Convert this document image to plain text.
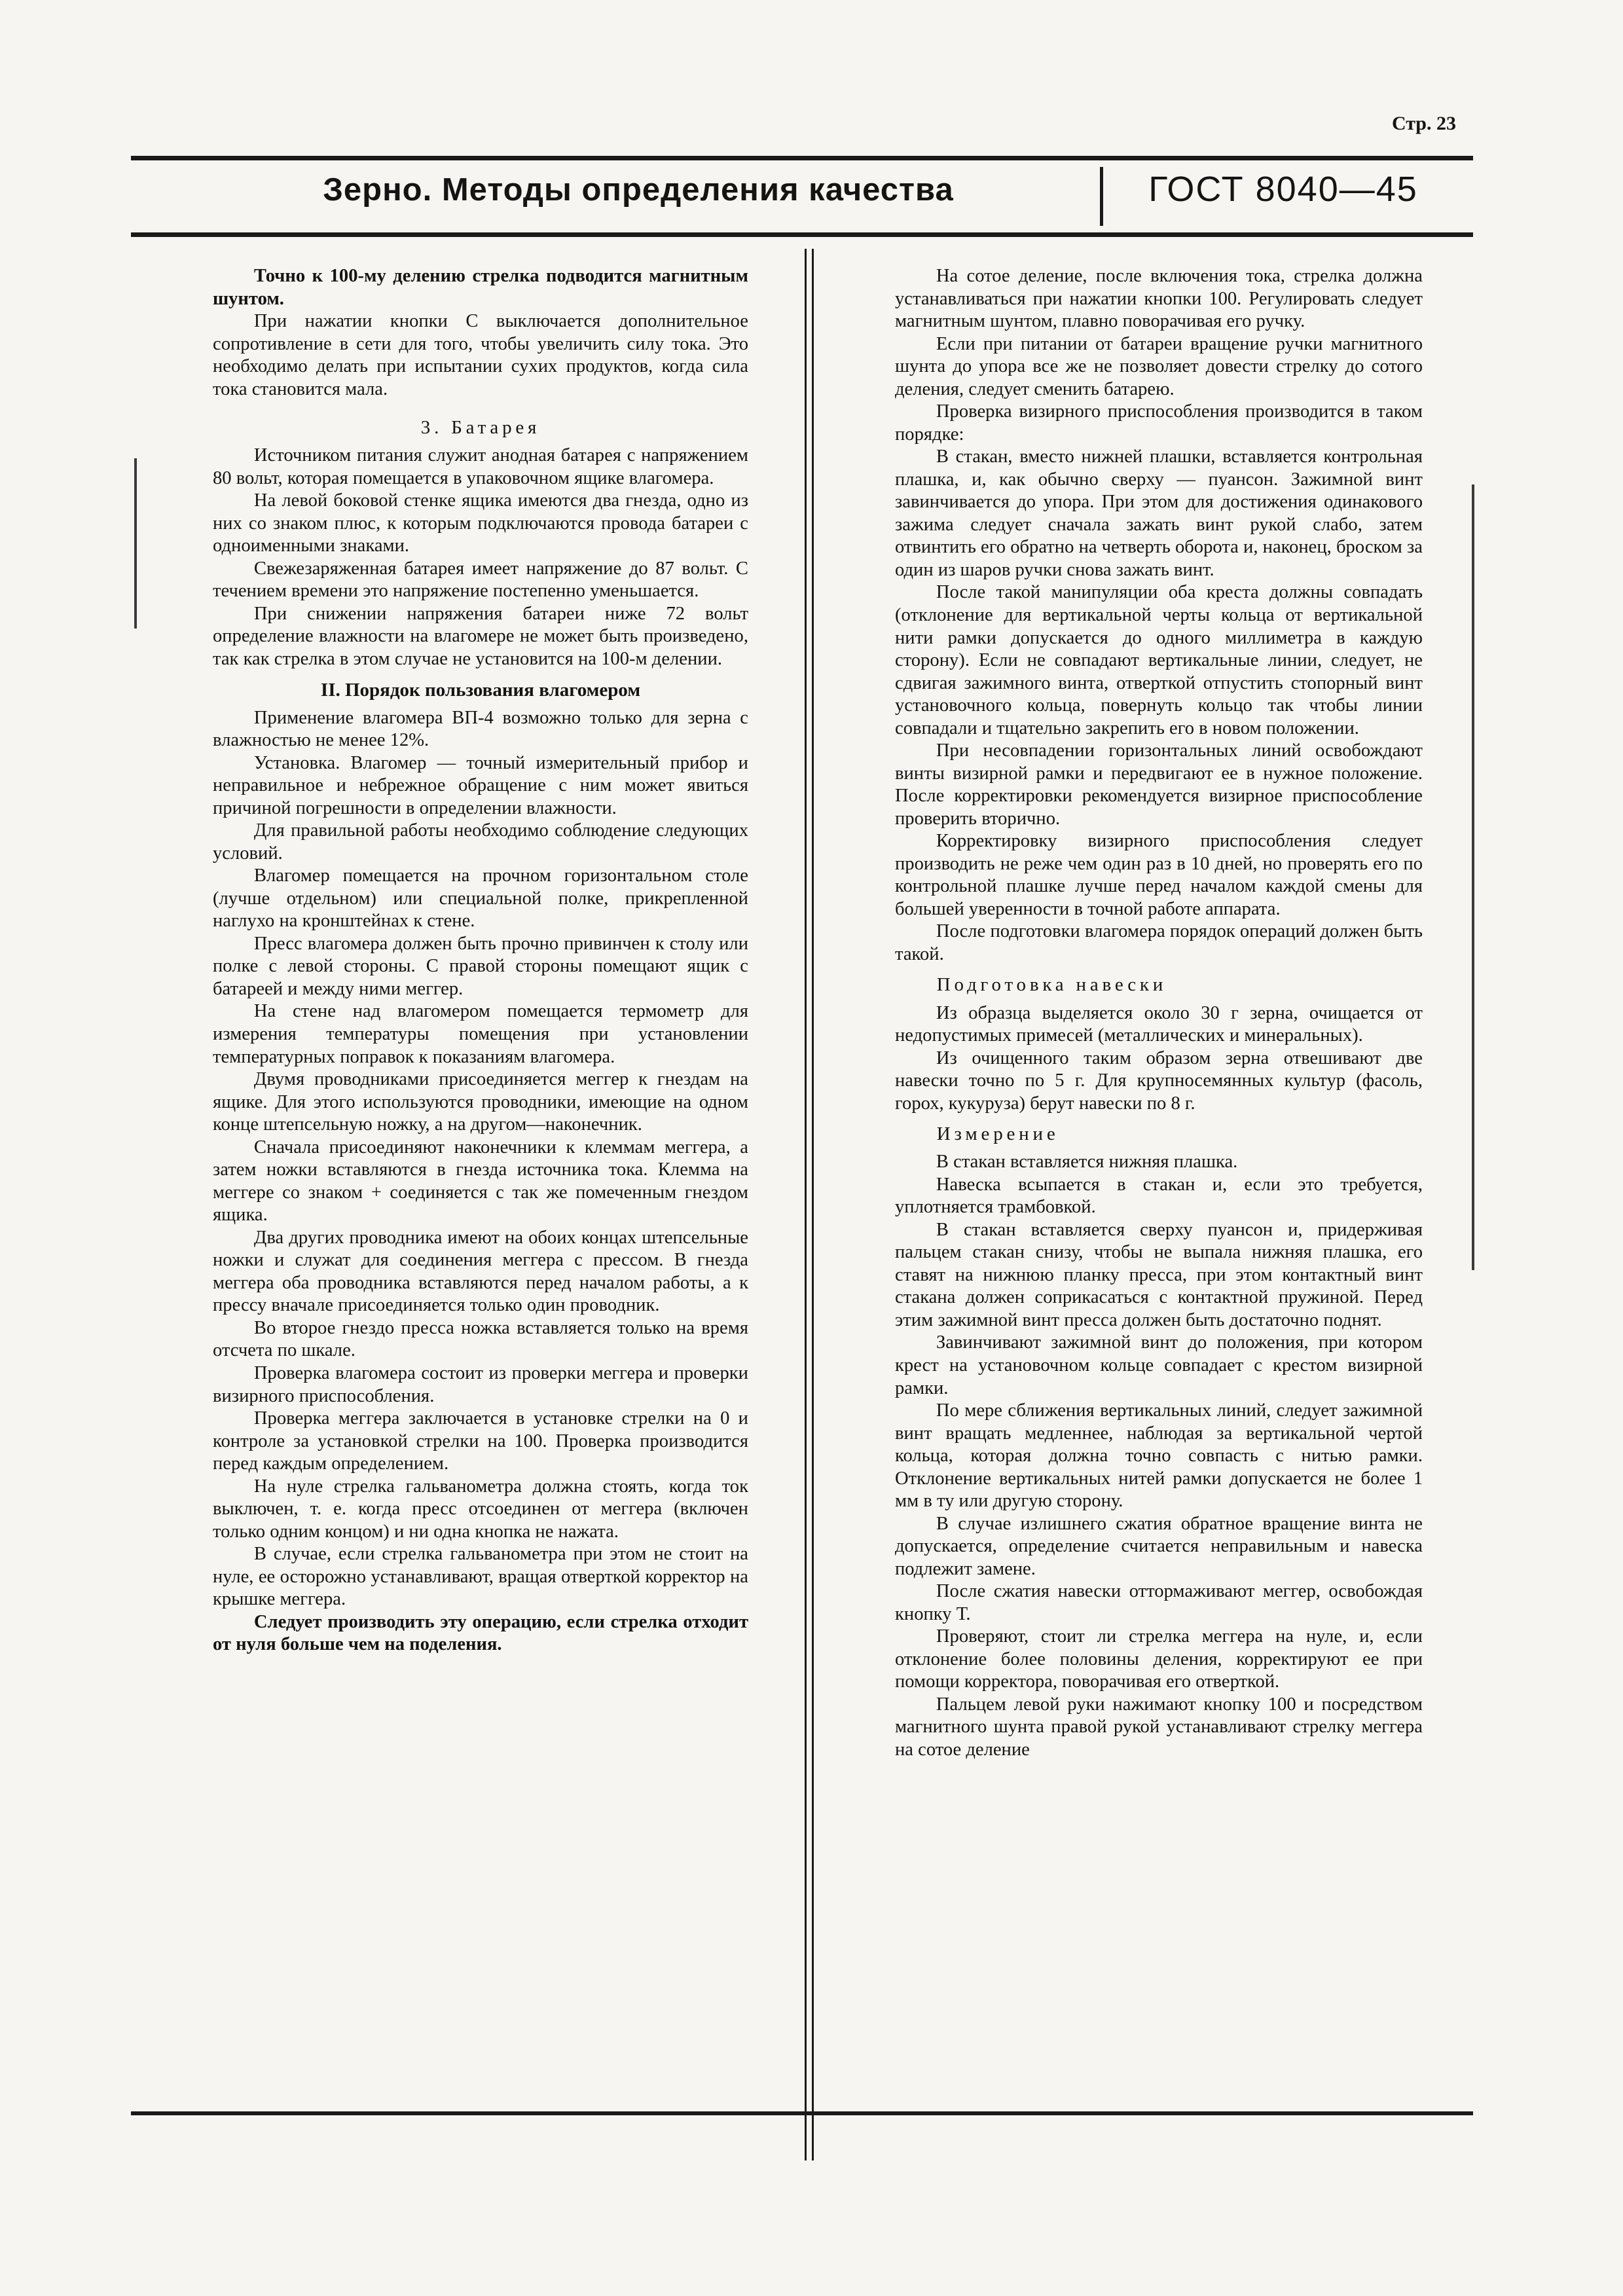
Стр. 23
Зерно. Методы определения качества	ГОСТ 8040—45

Точно к 100-му делению стрелка подводится магнитным шунтом.

При нажатии кнопки С выключается дополнительное сопротивление в сети для того, чтобы увеличить силу тока. Это необходимо делать при испытании сухих продуктов, когда сила тока становится мала.

3. Батарея

Источником питания служит анодная батарея с напряжением 80 вольт, которая помещается в упаковочном ящике влагомера.

На левой боковой стенке ящика имеются два гнезда, одно из них со знаком плюс, к которым подключаются провода батареи с одноименными знаками.

Свежезаряженная батарея имеет напряжение до 87 вольт. С течением времени это напряжение постепенно уменьшается.

При снижении напряжения батареи ниже 72 вольт определение влажности на влагомере не может быть произведено, так как стрелка в этом случае не установится на 100-м делении.

II. Порядок пользования влагомером

Применение влагомера ВП-4 возможно только для зерна с влажностью не менее 12%.

Установка. Влагомер — точный измерительный прибор и неправильное и небрежное обращение с ним может явиться причиной погрешности в определении влажности.

Для правильной работы необходимо соблюдение следующих условий.

Влагомер помещается на прочном горизонтальном столе (лучше отдельном) или специальной полке, прикрепленной наглухо на кронштейнах к стене.

Пресс влагомера должен быть прочно привинчен к столу или полке с левой стороны. С правой стороны помещают ящик с батареей и между ними меггер.

На стене над влагомером помещается термометр для измерения температуры помещения при установлении температурных поправок к показаниям влагомера.

Двумя проводниками присоединяется меггер к гнездам на ящике. Для этого используются проводники, имеющие на одном конце штепсельную ножку, а на другом—наконечник.

Сначала присоединяют наконечники к клеммам меггера, а затем ножки вставляются в гнезда источника тока. Клемма на меггере со знаком + соединяется с так же помеченным гнездом ящика.

Два других проводника имеют на обоих концах штепсельные ножки и служат для соединения меггера с прессом. В гнезда меггера оба проводника вставляются перед началом работы, а к прессу вначале присоединяется только один проводник.

Во второе гнездо пресса ножка вставляется только на время отсчета по шкале.

Проверка влагомера состоит из проверки меггера и проверки визирного приспособления.

Проверка меггера заключается в установке стрелки на 0 и контроле за установкой стрелки на 100. Проверка производится перед каждым определением.

На нуле стрелка гальванометра должна стоять, когда ток выключен, т. е. когда пресс отсоединен от меггера (включен только одним концом) и ни одна кнопка не нажата.

В случае, если стрелка гальванометра при этом не стоит на нуле, ее осторожно устанавливают, вращая отверткой корректор на крышке меггера.

Следует производить эту операцию, если стрелка отходит от нуля больше чем на поделения.

На сотое деление, после включения тока, стрелка должна устанавливаться при нажатии кнопки 100. Регулировать следует магнитным шунтом, плавно поворачивая его ручку.

Если при питании от батареи вращение ручки магнитного шунта до упора все же не позволяет довести стрелку до сотого деления, следует сменить батарею.

Проверка визирного приспособления производится в таком порядке:

В стакан, вместо нижней плашки, вставляется контрольная плашка, и, как обычно сверху — пуансон. Зажимной винт завинчивается до упора. При этом для достижения одинакового зажима следует сначала зажать винт рукой слабо, затем отвинтить его обратно на четверть оборота и, наконец, броском за один из шаров ручки снова зажать винт.

После такой манипуляции оба креста должны совпадать (отклонение для вертикальной черты кольца от вертикальной нити рамки допускается до одного миллиметра в каждую сторону). Если не совпадают вертикальные линии, следует, не сдвигая зажимного винта, отверткой отпустить стопорный винт установочного кольца, повернуть кольцо так чтобы линии совпадали и тщательно закрепить его в новом положении.

При несовпадении горизонтальных линий освобождают винты визирной рамки и передвигают ее в нужное положение. После корректировки рекомендуется визирное приспособление проверить вторично.

Корректировку визирного приспособления следует производить не реже чем один раз в 10 дней, но проверять его по контрольной плашке лучше перед началом каждой смены для большей уверенности в точной работе аппарата.

После подготовки влагомера порядок операций должен быть такой.

Подготовка навески

Из образца выделяется около 30 г зерна, очищается от недопустимых примесей (металлических и минеральных).

Из очищенного таким образом зерна отвешивают две навески точно по 5 г. Для крупносемянных культур (фасоль, горох, кукуруза) берут навески по 8 г.

Измерение

В стакан вставляется нижняя плашка.

Навеска всыпается в стакан и, если это требуется, уплотняется трамбовкой.

В стакан вставляется сверху пуансон и, придерживая пальцем стакан снизу, чтобы не выпала нижняя плашка, его ставят на нижнюю планку пресса, при этом контактный винт стакана должен соприкасаться с контактной пружиной. Перед этим зажимной винт пресса должен быть достаточно поднят.

Завинчивают зажимной винт до положения, при котором крест на установочном кольце совпадает с крестом визирной рамки.

По мере сближения вертикальных линий, следует зажимной винт вращать медленнее, наблюдая за вертикальной чертой кольца, которая должна точно совпасть с нитью рамки. Отклонение вертикальных нитей рамки допускается не более 1 мм в ту или другую сторону.

В случае излишнего сжатия обратное вращение винта не допускается, определение считается неправильным и навеска подлежит замене.

После сжатия навески оттормаживают меггер, освобождая кнопку Т.

Проверяют, стоит ли стрелка меггера на нуле, и, если отклонение более половины деления, корректируют ее при помощи корректора, поворачивая его отверткой.

Пальцем левой руки нажимают кнопку 100 и посредством магнитного шунта правой рукой устанавливают стрелку меггера на сотое деление
